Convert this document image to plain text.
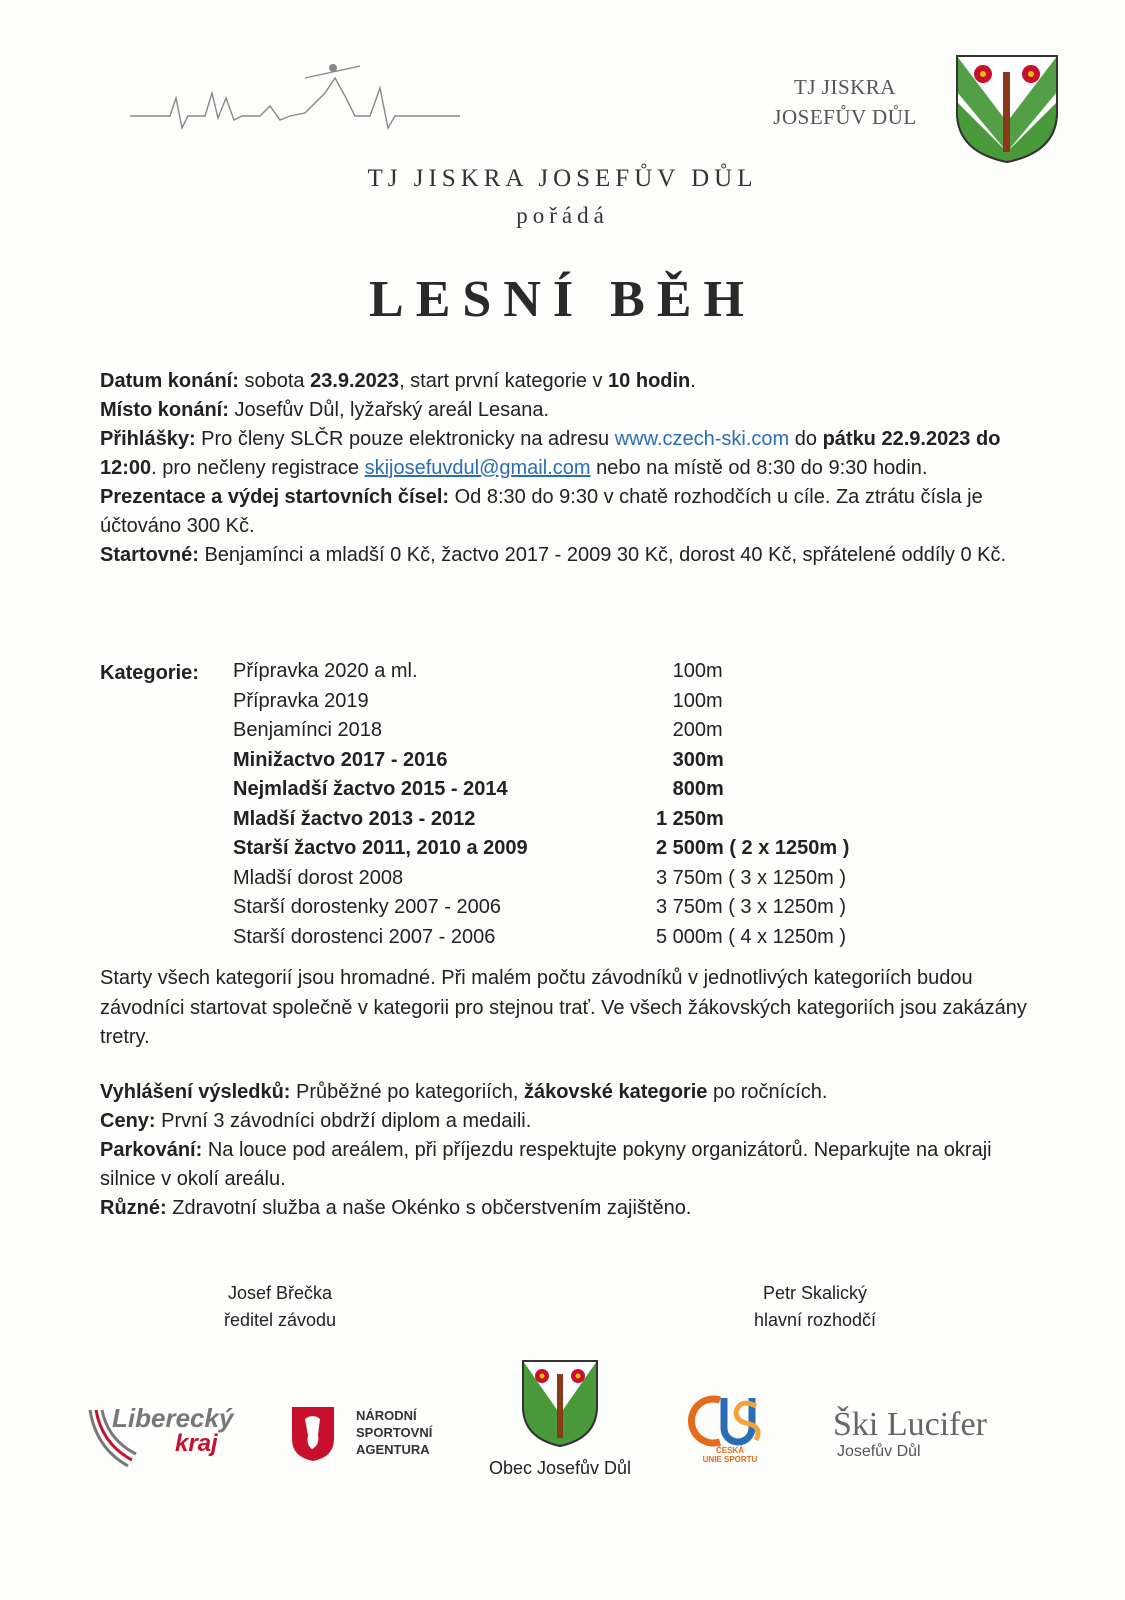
TJ JISKRA
JOSEFŮV DŮL
TJ JISKRA JOSEFŮV DŮL
pořádá
LESNÍ BĚH

Datum konání: sobota 23.9.2023, start první kategorie v 10 hodin.

Místo konání: Josefův Důl, lyžařský areál Lesana.

Přihlášky: Pro členy SLČR pouze elektronicky na adresu www.czech-ski.com do pátku 22.9.2023 do 12:00. pro nečleny registrace skijosefuvdul@gmail.com nebo na místě od 8:30 do 9:30 hodin.

Prezentace a výdej startovních čísel: Od 8:30 do 9:30 v chatě rozhodčích u cíle. Za ztrátu čísla je účtováno 300 Kč.

Startovné: Benjamínci a mladší 0 Kč, žactvo 2017 - 2009 30 Kč, dorost 40 Kč, spřátelené oddíly 0 Kč.

Kategorie: Přípravka 2020 a ml.	100m
Přípravka 2019	100m
Benjamínci 2018	200m
Minižactvo 2017 - 2016	300m
Nejmladší žactvo 2015 - 2014	800m
Mladší žactvo 2013 - 2012	1 250m
Starší žactvo 2011, 2010 a 2009	2 500m ( 2 x 1250m )
Mladší dorost 2008	3 750m ( 3 x 1250m )
Starší dorostenky 2007 - 2006	3 750m ( 3 x 1250m )
Starší dorostenci 2007 - 2006	5 000m ( 4 x 1250m )
Starty všech kategorií jsou hromadné. Při malém počtu závodníků v jednotlivých kategoriích budou závodníci startovat společně v kategorii pro stejnou trať. Ve všech žákovských kategoriích jsou zakázány tretry.

Vyhlášení výsledků: Průběžné po kategoriích, žákovské kategorie po ročnících.

Ceny: První 3 závodníci obdrží diplom a medaili.

Parkování: Na louce pod areálem, při příjezdu respektujte pokyny organizátorů. Neparkujte na okraji silnice v okolí areálu.

Různé: Zdravotní služba a naše Okénko s občerstvením zajištěno.

Josef Břečka
ředitel závodu
Petr Skalický
hlavní rozhodčí
Liberecký
kraj
NÁRODNÍ
SPORTOVNÍ
AGENTURA
Obec Josefův Důl
ČESKÁ
UNIE SPORTU
Ški Lucifer
Josefův Důl
